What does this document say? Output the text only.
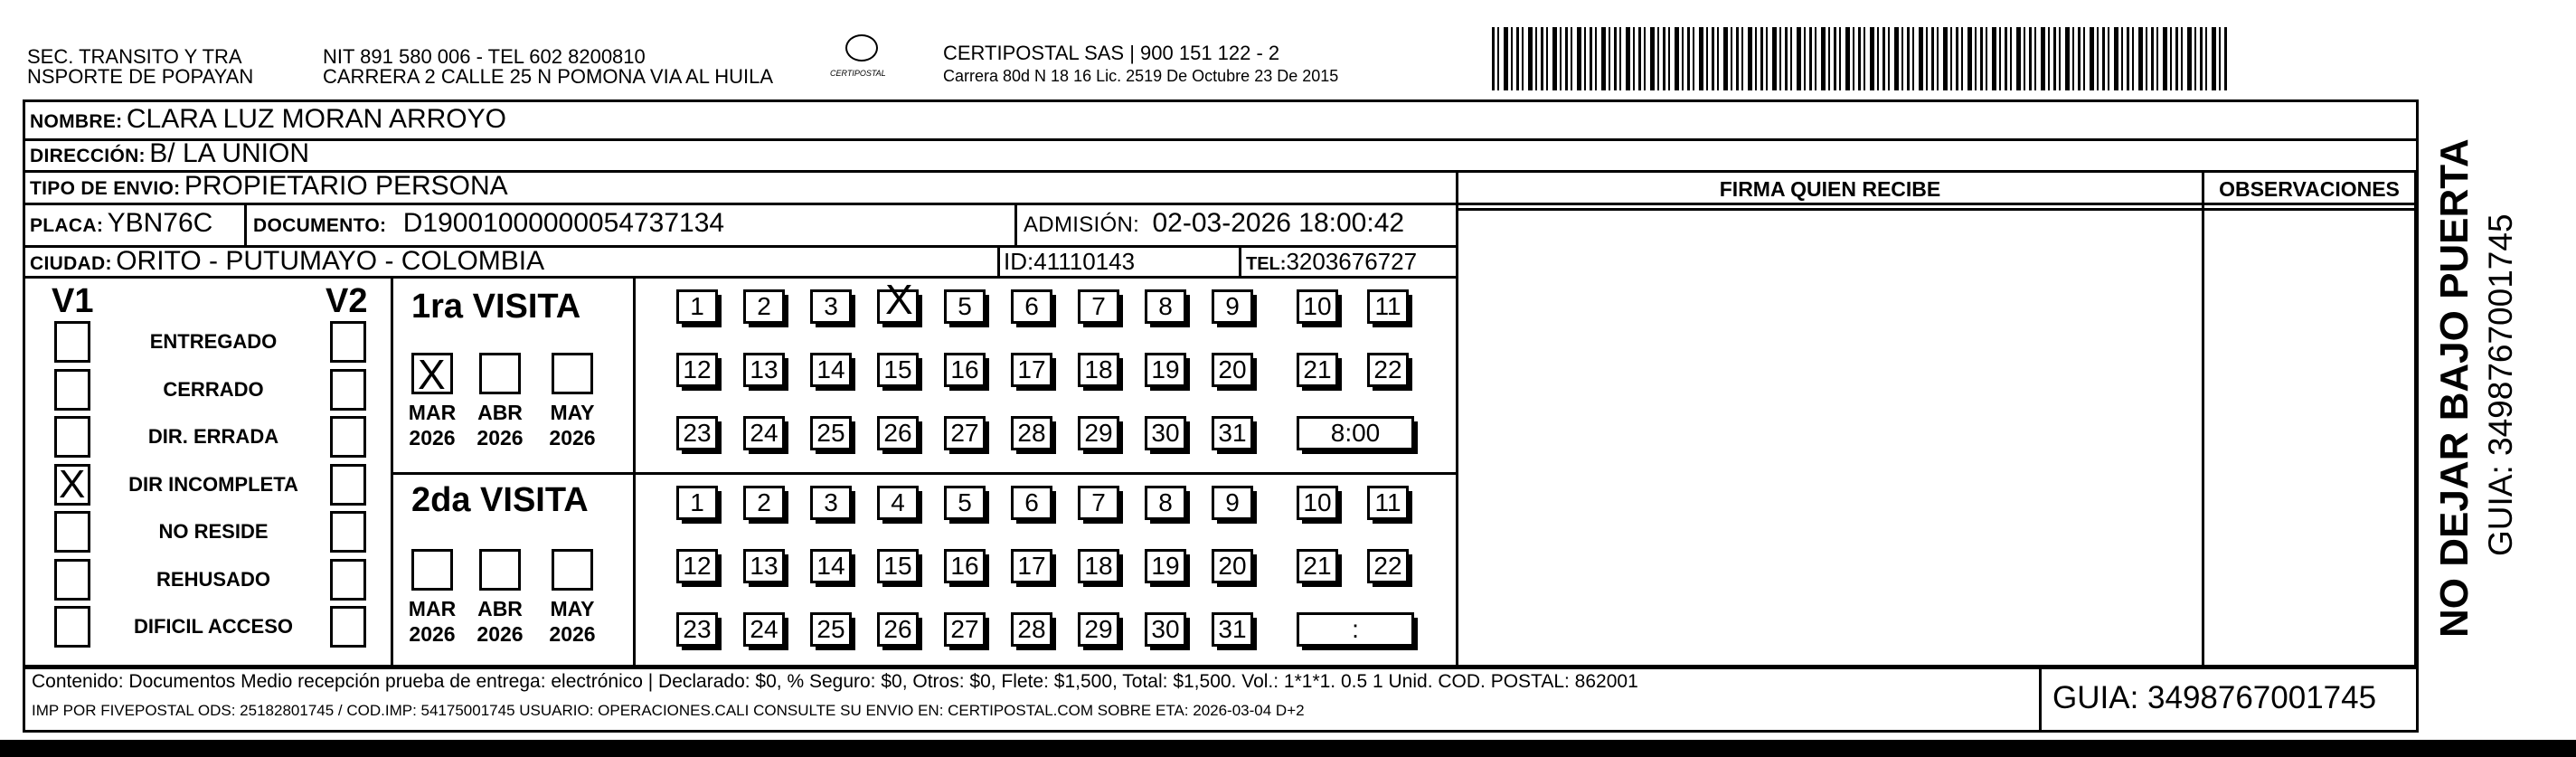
SEC. TRANSITO Y TRA
NSPORTE DE POPAYAN
NIT 891 580 006 - TEL 602 8200810
CARRERA 2 CALLE 25 N POMONA VIA AL HUILA	CERTIPOSTAL
CERTIPOSTAL SAS | 900 151 122 - 2
Carrera 80d N 18 16 Lic. 2519 De Octubre 23 De 2015
NOMBRE: CLARA LUZ MORAN ARROYO
DIRECCIÓN: B/ LA UNION
TIPO DE ENVIO: PROPIETARIO PERSONA
PLACA: YBN76C DOCUMENTO: D19001000000054737134	ADMISIÓN: 02-03-2026 18:00:42
CIUDAD: ORITO - PUTUMAYO - COLOMBIA	ID:41110143	TEL:3203676727
FIRMA QUIEN RECIBE	OBSERVACIONES
V1	V2
ENTREGADO
CERRADO
DIR. ERRADA
X
DIR INCOMPLETA
NO RESIDE
REHUSADO
DIFICIL ACCESO
1ra VISITA
2da VISITA
X
MAR
2026
ABR
2026
MAY
2026
1	2	3
X	5	6	7	8	9	10	11
12 13 14 15 16 17 18 19 20 21 22
23 24 25 26 27 28 29 30 31	8:00
MAR
2026
ABR
2026
MAY
2026
1	2	3	4	5	6	7	8	9	10	11
12 13 14 15 16 17 18 19 20 21 22
23 24 25 26 27 28 29 30 31	:
Contenido: Documentos Medio recepción prueba de entrega: electrónico | Declarado: $0, % Seguro: $0, Otros: $0, Flete: $1,500, Total: $1,500. Vol.: 1*1*1. 0.5 1 Unid. COD. POSTAL: 862001
IMP POR FIVEPOSTAL ODS: 25182801745 / COD.IMP: 54175001745 USUARIO: OPERACIONES.CALI CONSULTE SU ENVIO EN: CERTIPOSTAL.COM SOBRE ETA: 2026-03-04 D+2	GUIA: 3498767001745
NO DEJAR BAJO PUERTA GUIA: 3498767001745
